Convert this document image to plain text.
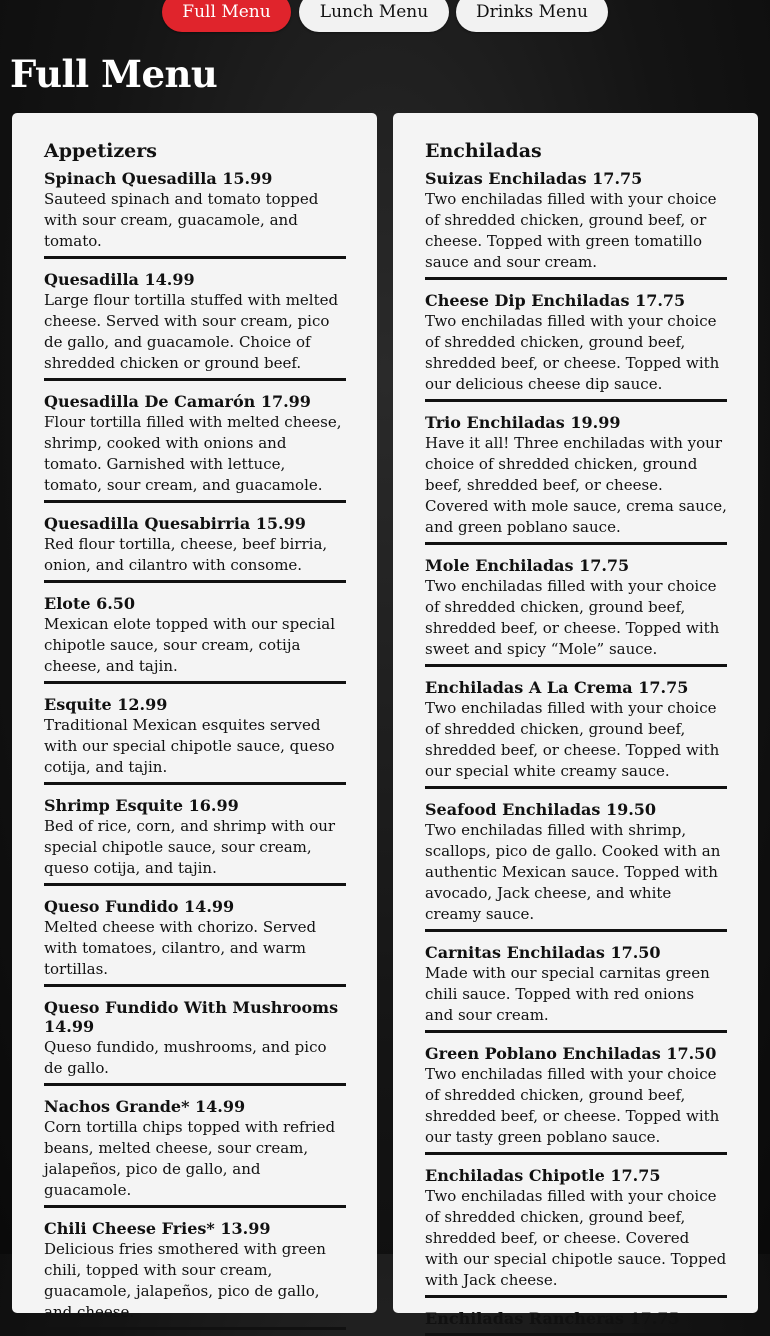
Full Menu	Lunch Menu	Drinks Menu
Full Menu
Appetizers
Spinach Quesadilla 15.99

Sauteed spinach and tomato topped with sour cream, guacamole, and tomato.

Quesadilla 14.99

Large flour tortilla stuffed with melted cheese. Served with sour cream, pico de gallo, and guacamole. Choice of shredded chicken or ground beef.

Quesadilla De Camarón 17.99

Flour tortilla filled with melted cheese, shrimp, cooked with onions and tomato. Garnished with lettuce, tomato, sour cream, and guacamole.

Quesadilla Quesabirria 15.99

Red flour tortilla, cheese, beef birria, onion, and cilantro with consome.

Elote 6.50

Mexican elote topped with our special chipotle sauce, sour cream, cotija cheese, and tajin.

Esquite 12.99

Traditional Mexican esquites served with our special chipotle sauce, queso cotija, and tajin.

Shrimp Esquite 16.99

Bed of rice, corn, and shrimp with our special chipotle sauce, sour cream, queso cotija, and tajin.

Queso Fundido 14.99

Melted cheese with chorizo. Served with tomatoes, cilantro, and warm tortillas.

Queso Fundido With Mushrooms 14.99

Queso fundido, mushrooms, and pico de gallo.

Nachos Grande* 14.99

Corn tortilla chips topped with refried beans, melted cheese, sour cream, jalapeños, pico de gallo, and guacamole.

Chili Cheese Fries* 13.99

Delicious fries smothered with green chili, topped with sour cream, guacamole, jalapeños, pico de gallo, and cheese.

Enchiladas
Suizas Enchiladas 17.75

Two enchiladas filled with your choice of shredded chicken, ground beef, or cheese. Topped with green tomatillo sauce and sour cream.

Cheese Dip Enchiladas 17.75

Two enchiladas filled with your choice of shredded chicken, ground beef, shredded beef, or cheese. Topped with our delicious cheese dip sauce.

Trio Enchiladas 19.99

Have it all! Three enchiladas with your choice of shredded chicken, ground beef, shredded beef, or cheese. Covered with mole sauce, crema sauce, and green poblano sauce.

Mole Enchiladas 17.75

Two enchiladas filled with your choice of shredded chicken, ground beef, shredded beef, or cheese. Topped with sweet and spicy “Mole” sauce.

Enchiladas A La Crema 17.75

Two enchiladas filled with your choice of shredded chicken, ground beef, shredded beef, or cheese. Topped with our special white creamy sauce.

Seafood Enchiladas 19.50

Two enchiladas filled with shrimp, scallops, pico de gallo. Cooked with an authentic Mexican sauce. Topped with avocado, Jack cheese, and white creamy sauce.

Carnitas Enchiladas 17.50

Made with our special carnitas green chili sauce. Topped with red onions and sour cream.

Green Poblano Enchiladas 17.50

Two enchiladas filled with your choice of shredded chicken, ground beef, shredded beef, or cheese. Topped with our tasty green poblano sauce.

Enchiladas Chipotle 17.75

Two enchiladas filled with your choice of shredded chicken, ground beef, shredded beef, or cheese. Covered with our special chipotle sauce. Topped with Jack cheese.

Enchiladas Rancheras 17.75
